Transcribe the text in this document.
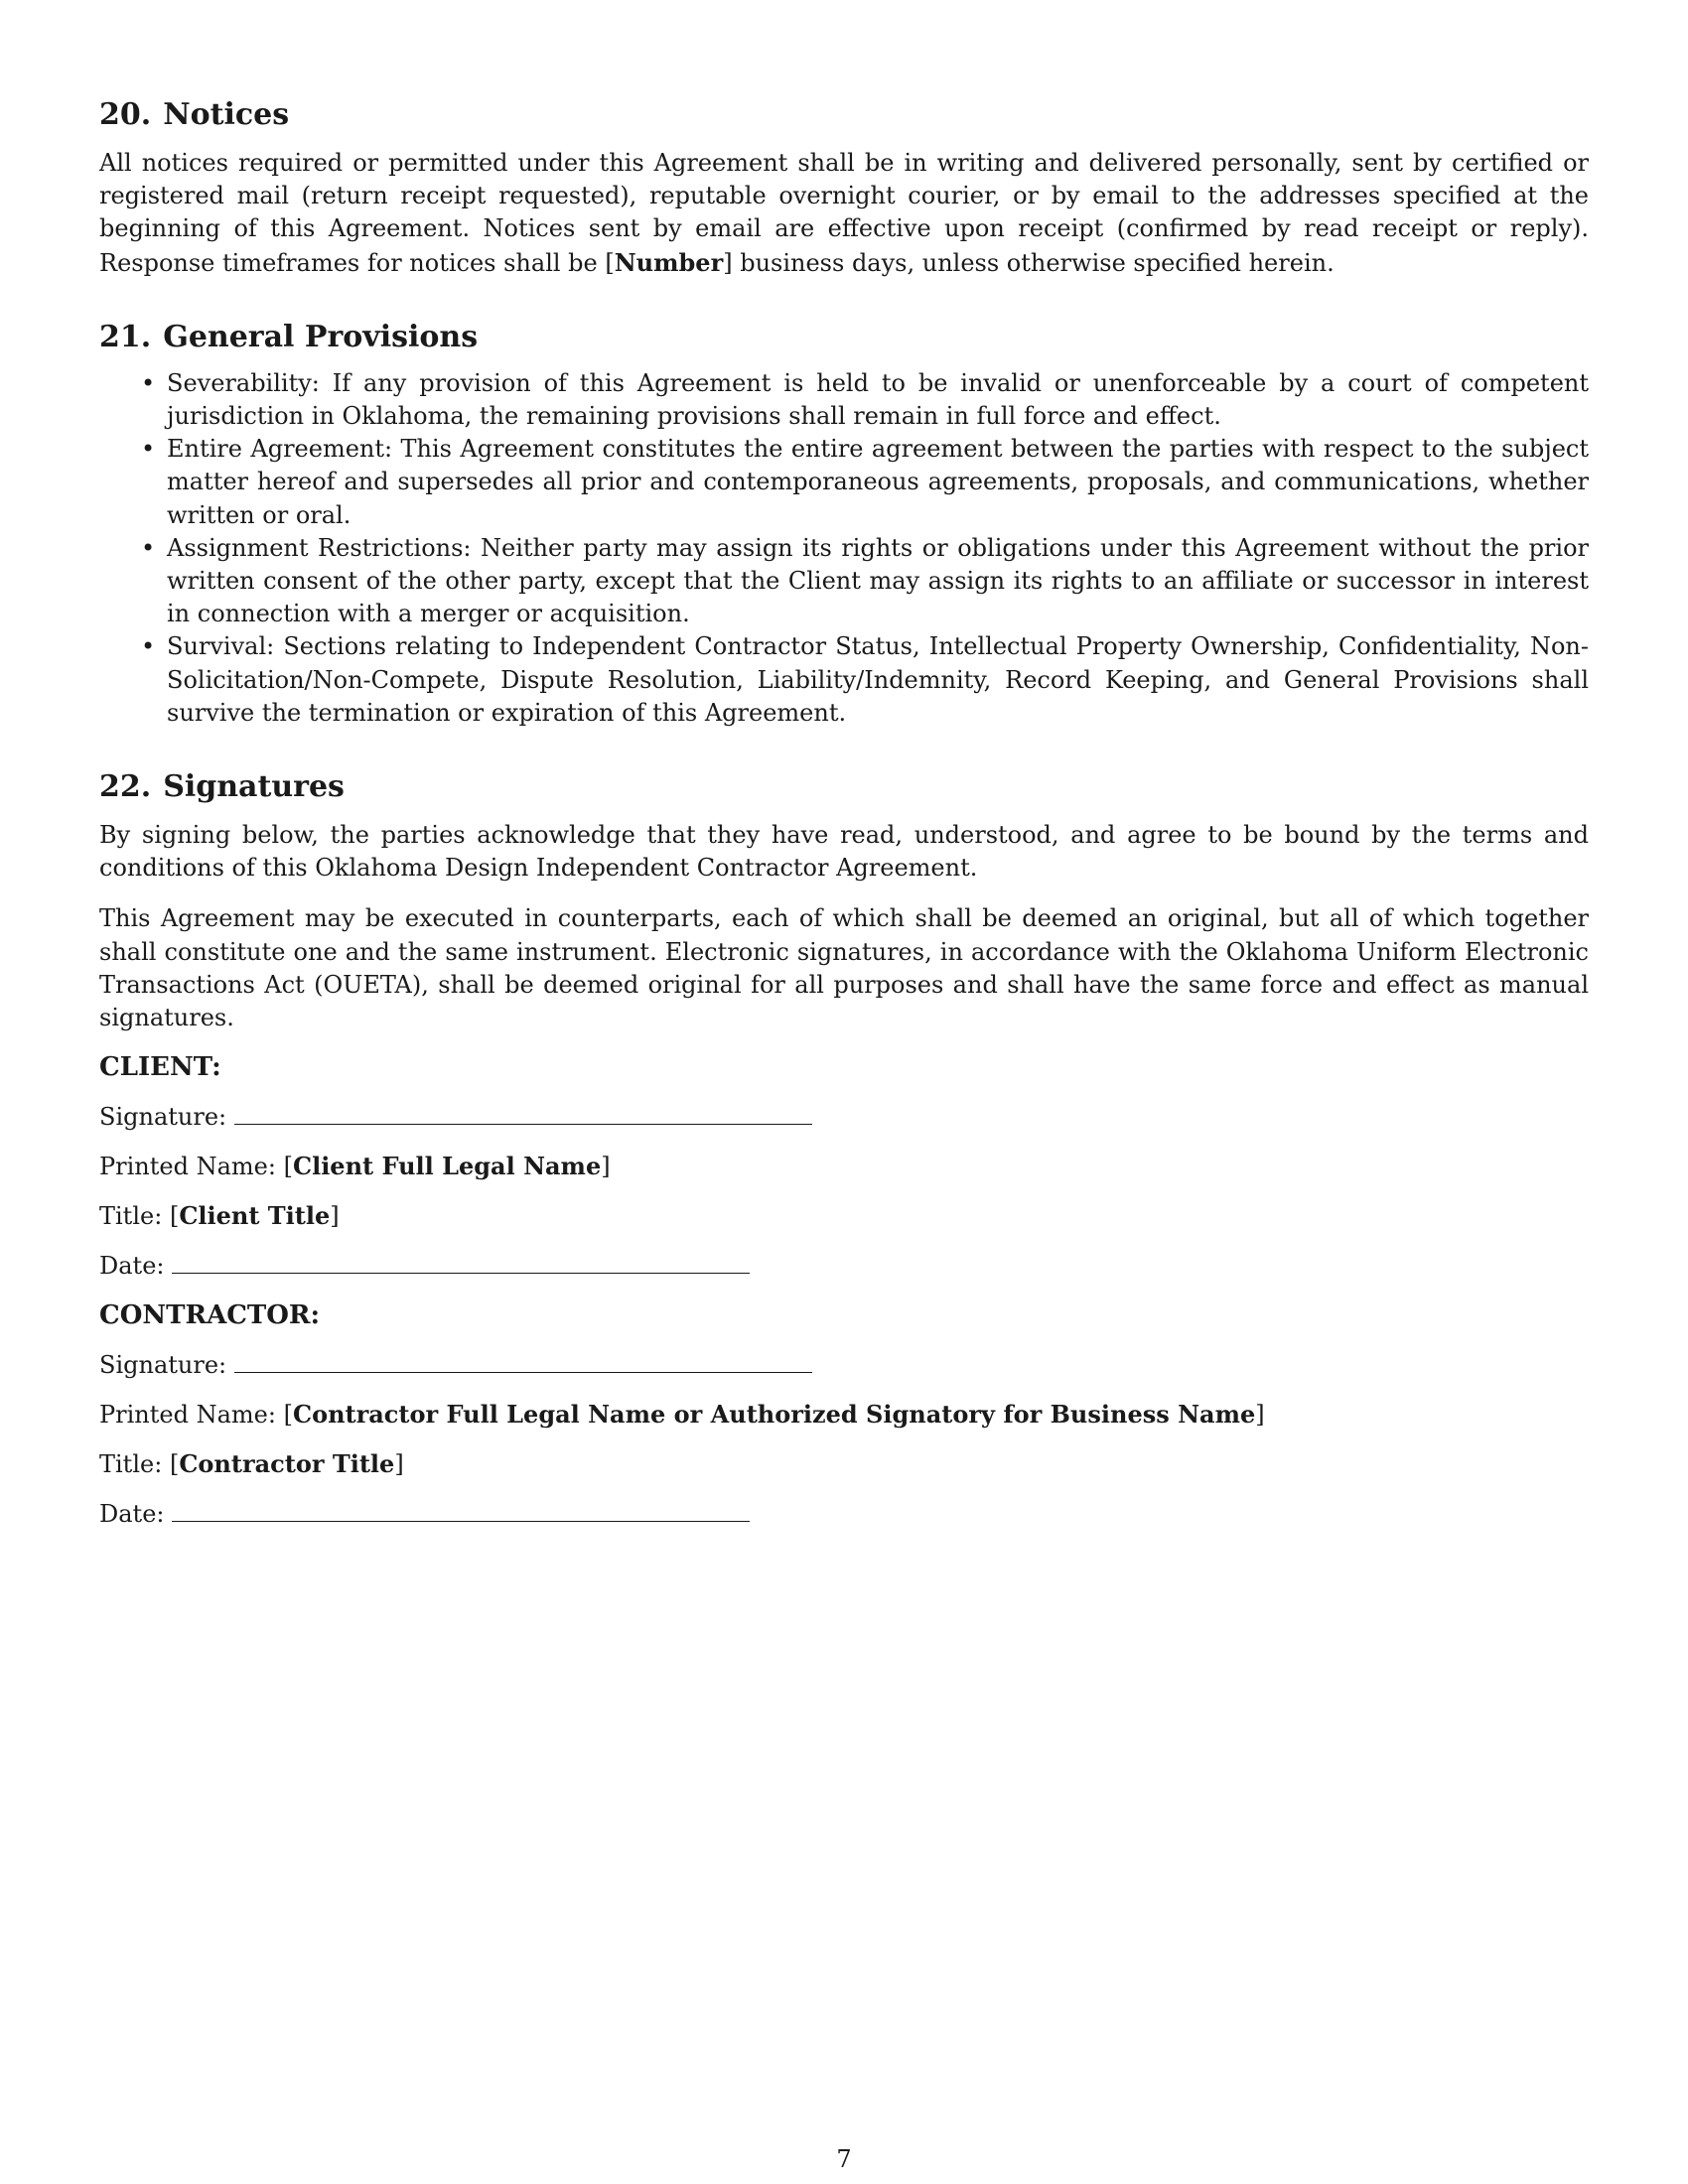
20. Notices

All notices required or permitted under this Agreement shall be in writing and delivered personally, sent by certified or registered mail (return receipt requested), reputable overnight courier, or by email to the addresses specified at the beginning of this Agreement. Notices sent by email are effective upon receipt (confirmed by read receipt or reply). Response timeframes for notices shall be [Number] business days, unless otherwise specified herein.

21. General Provisions
• Severability: If any provision of this Agreement is held to be invalid or unenforceable by a court of competent jurisdiction in Oklahoma, the remaining provisions shall remain in full force and effect.
• Entire Agreement: This Agreement constitutes the entire agreement between the parties with respect to the subject matter hereof and supersedes all prior and contemporaneous agreements, proposals, and communications, whether written or oral.
• Assignment Restrictions: Neither party may assign its rights or obligations under this Agreement without the prior written consent of the other party, except that the Client may assign its rights to an affiliate or successor in interest in connection with a merger or acquisition.
• Survival: Sections relating to Independent Contractor Status, Intellectual Property Ownership, Confidentiality, Non-Solicitation/Non-Compete, Dispute Resolution, Liability/Indemnity, Record Keeping, and General Provisions shall survive the termination or expiration of this Agreement.
22. Signatures

By signing below, the parties acknowledge that they have read, understood, and agree to be bound by the terms and conditions of this Oklahoma Design Independent Contractor Agreement.

This Agreement may be executed in counterparts, each of which shall be deemed an original, but all of which together shall constitute one and the same instrument. Electronic signatures, in accordance with the Oklahoma Uniform Electronic Transactions Act (OUETA), shall be deemed original for all purposes and shall have the same force and effect as manual signatures.

CLIENT:
Signature:
Printed Name: [Client Full Legal Name]
Title: [Client Title]
Date:
CONTRACTOR:
Signature:
Printed Name: [Contractor Full Legal Name or Authorized Signatory for Business Name]
Title: [Contractor Title]
Date:
7
